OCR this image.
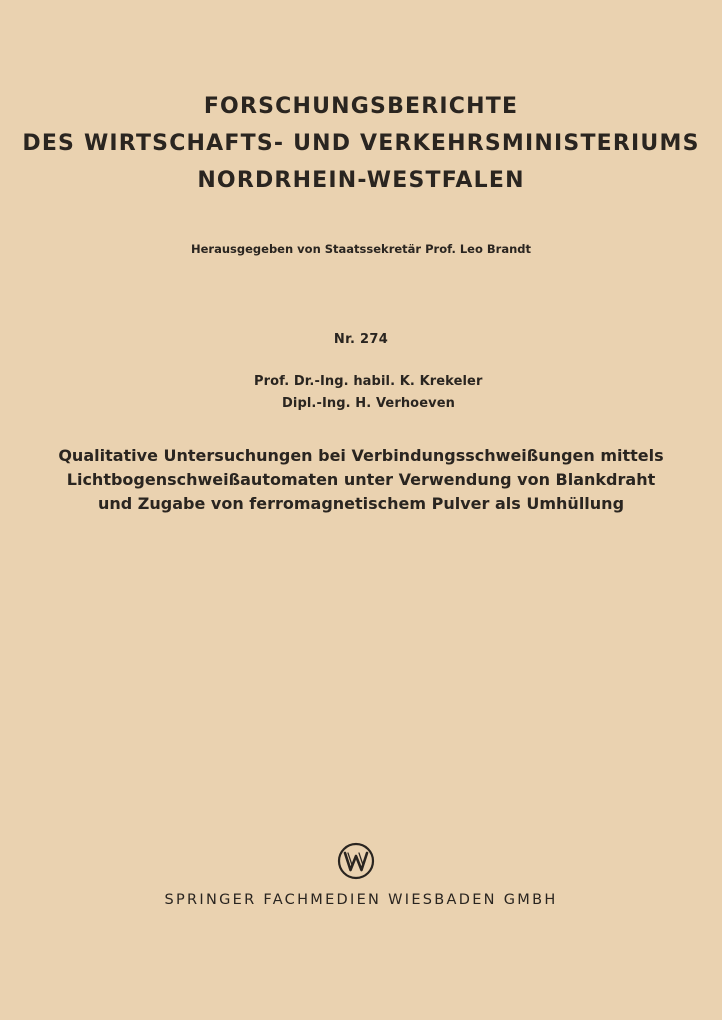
FORSCHUNGSBERICHTE
DES WIRTSCHAFTS- UND VERKEHRSMINISTERIUMS
NORDRHEIN-WESTFALEN
Herausgegeben von Staatssekretär Prof. Leo Brandt
Nr. 274
Prof. Dr.-Ing. habil. K. Krekeler
Dipl.-Ing. H. Verhoeven
Qualitative Untersuchungen bei Verbindungsschweißungen mittels
Lichtbogenschweißautomaten unter Verwendung von Blankdraht
und Zugabe von ferromagnetischem Pulver als Umhüllung
SPRINGER FACHMEDIEN WIESBADEN GMBH
